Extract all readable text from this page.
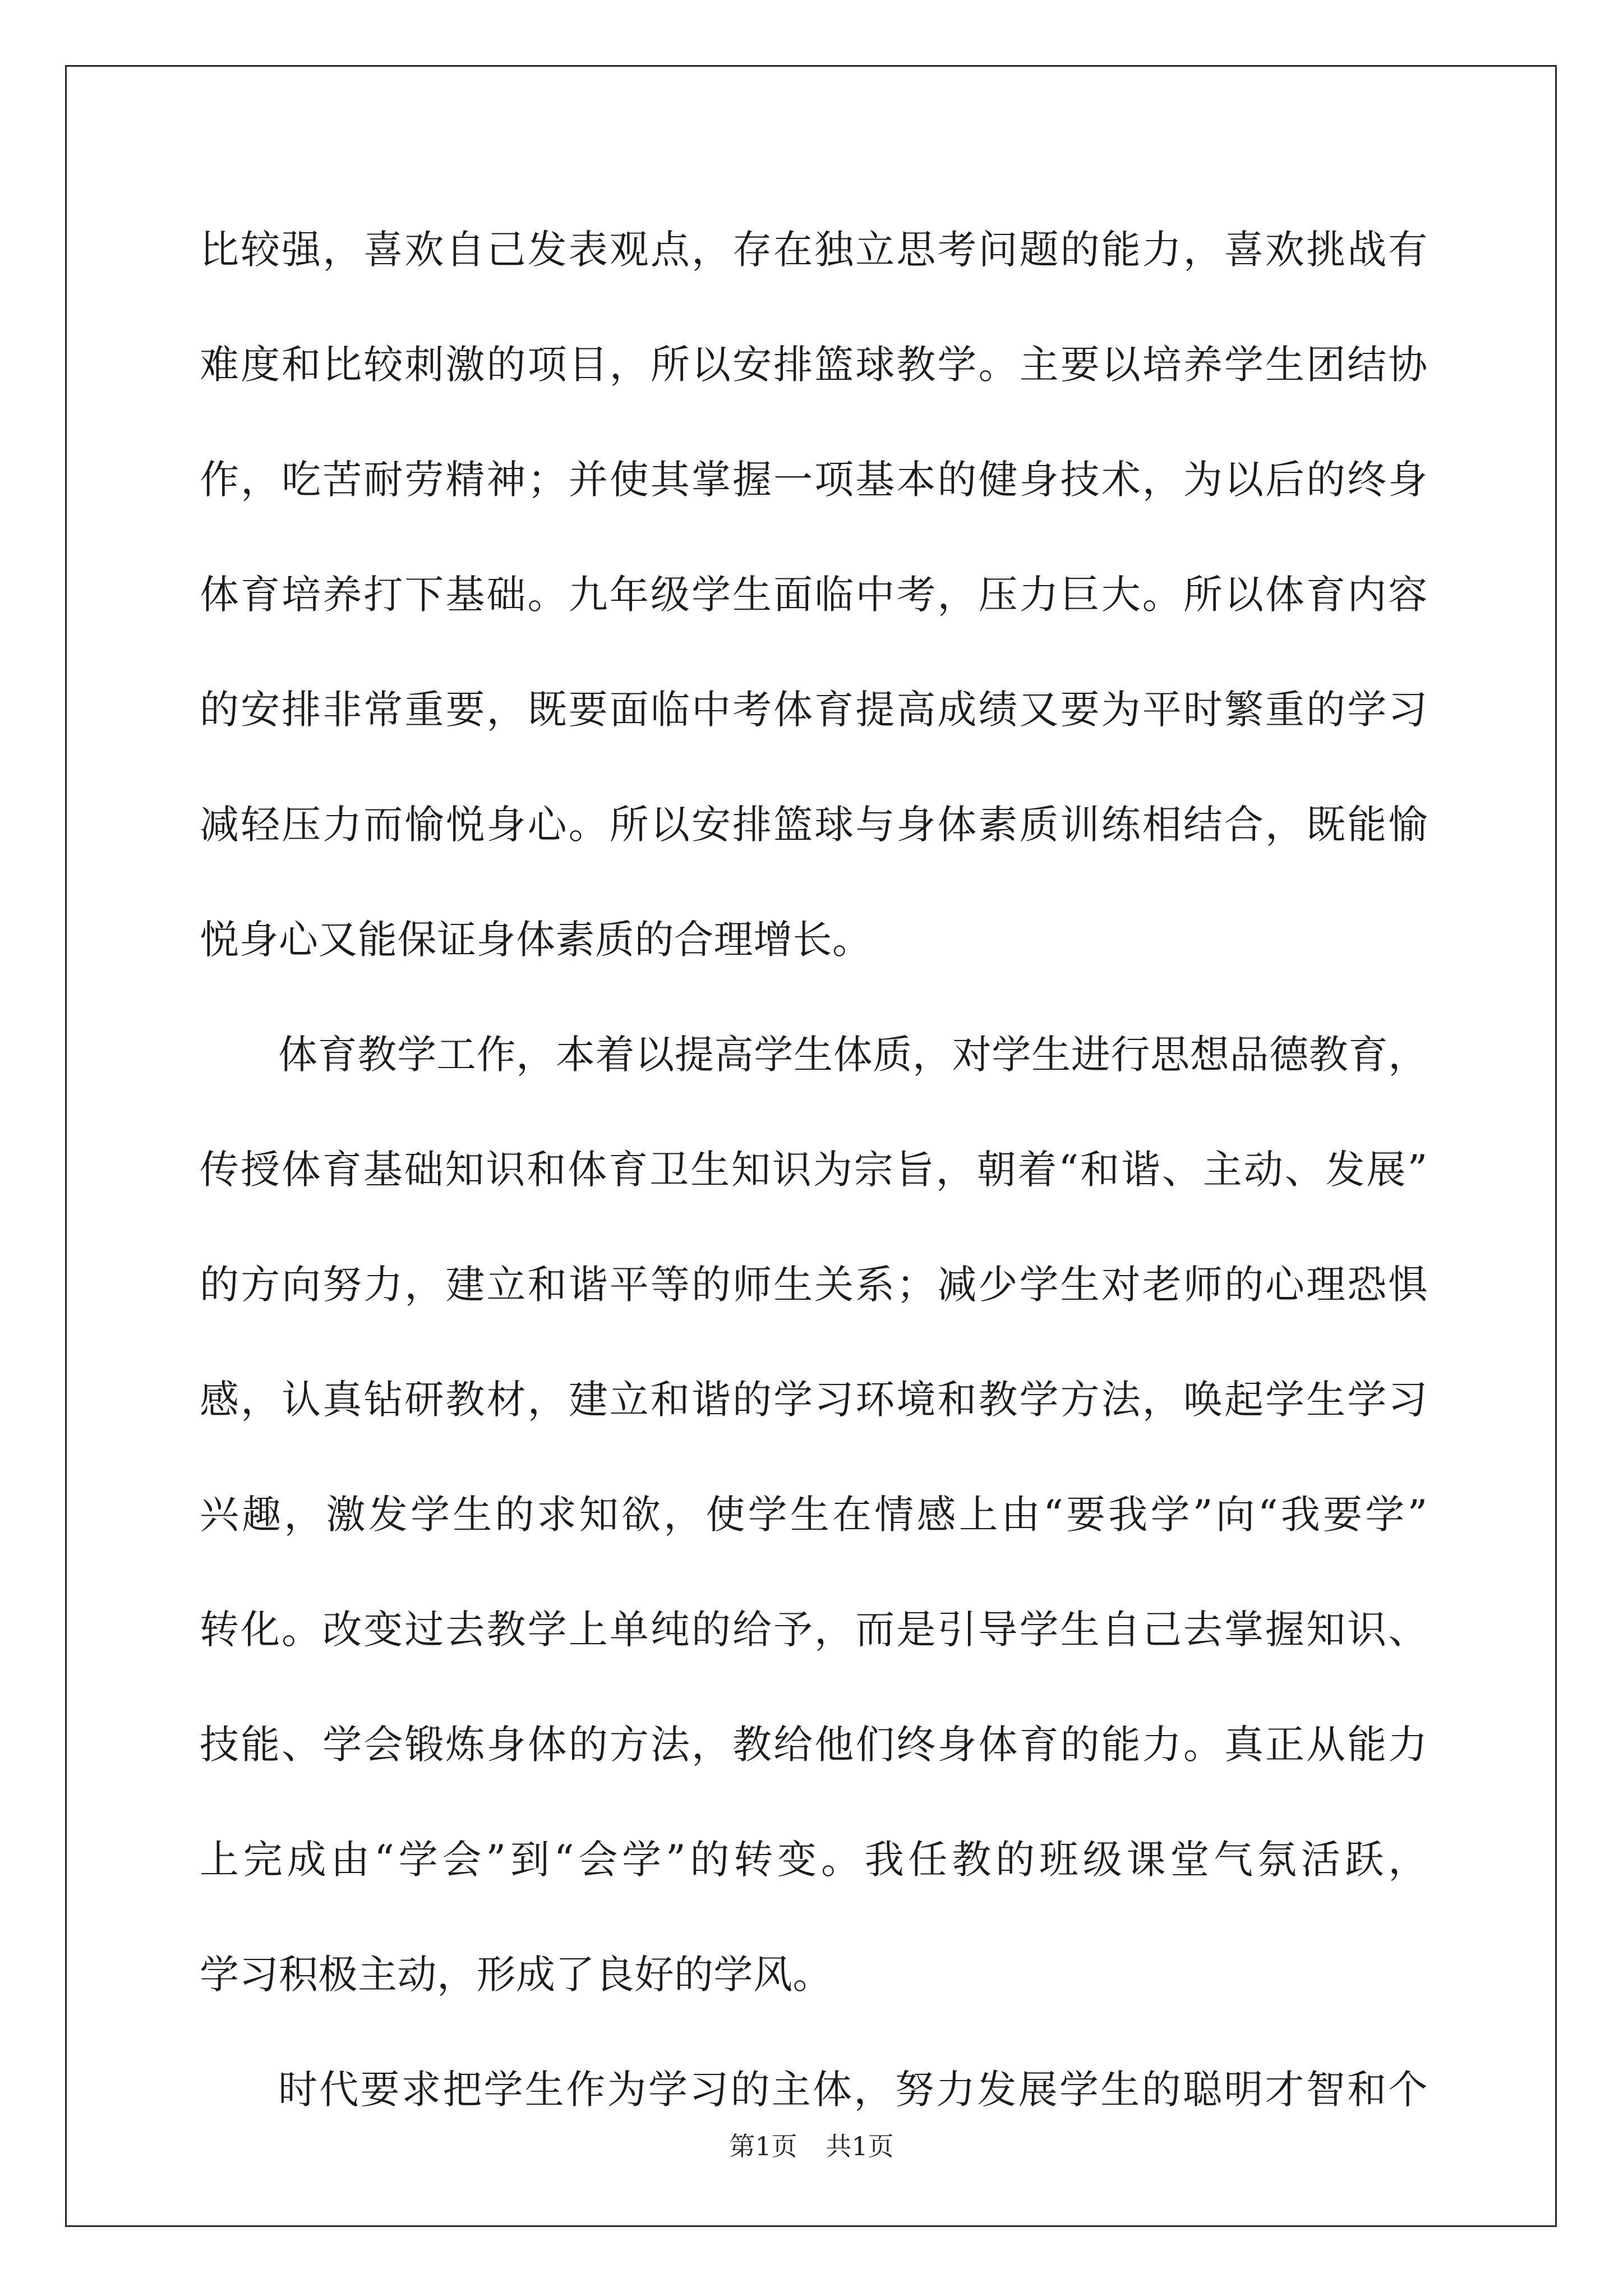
比 较 强 ， 喜 欢 自 己 发 表 观 点 ， 存 在 独 立 思 考 问 题 的 能 力 ， 喜 欢 挑 战 有
难 度 和 比 较 刺 激 的 项 目 ， 所 以 安 排 篮 球 教 学 。 主 要 以 培 养 学 生 团 结 协
作 ， 吃 苦 耐 劳 精 神 ； 并 使 其 掌 握 一 项 基 本 的 健 身 技 术 ， 为 以 后 的 终 身
体 育 培 养 打 下 基 础 。 九 年 级 学 生 面 临 中 考 ， 压 力 巨 大 。 所 以 体 育 内 容
的 安 排 非 常 重 要 ， 既 要 面 临 中 考 体 育 提 高 成 绩 又 要 为 平 时 繁 重 的 学 习
减 轻 压 力 而 愉 悦 身 心 。 所 以 安 排 篮 球 与 身 体 素 质 训 练 相 结 合 ， 既 能 愉
悦身心又能保证身体素质的合理增长。
体 育 教 学 工 作 ， 本 着 以 提 高 学 生 体 质 ， 对 学 生 进 行 思 想 品 德 教 育 ，
传 授 体 育 基 础 知 识 和 体 育 卫 生 知 识 为 宗 旨 ， 朝 着 “ 和 谐 、 主 动 、 发 展 ”
的 方 向 努 力 ， 建 立 和 谐 平 等 的 师 生 关 系 ； 减 少 学 生 对 老 师 的 心 理 恐 惧
感 ， 认 真 钻 研 教 材 ， 建 立 和 谐 的 学 习 环 境 和 教 学 方 法 ， 唤 起 学 生 学 习
兴 趣 ， 激 发 学 生 的 求 知 欲 ， 使 学 生 在 情 感 上 由 “ 要 我 学 ” 向 “ 我 要 学 ”
转 化 。 改 变 过 去 教 学 上 单 纯 的 给 予 ， 而 是 引 导 学 生 自 己 去 掌 握 知 识 、
技 能 、 学 会 锻 炼 身 体 的 方 法 ， 教 给 他 们 终 身 体 育 的 能 力 。 真 正 从 能 力
上 完 成 由 “ 学 会 ” 到 “ 会 学 ” 的 转 变 。 我 任 教 的 班 级 课 堂 气 氛 活 跃 ，
学习积极主动，形成了良好的学风。
时 代 要 求 把 学 生 作 为 学 习 的 主 体 ， 努 力 发 展 学 生 的 聪 明 才 智 和 个
第1页 共1页
